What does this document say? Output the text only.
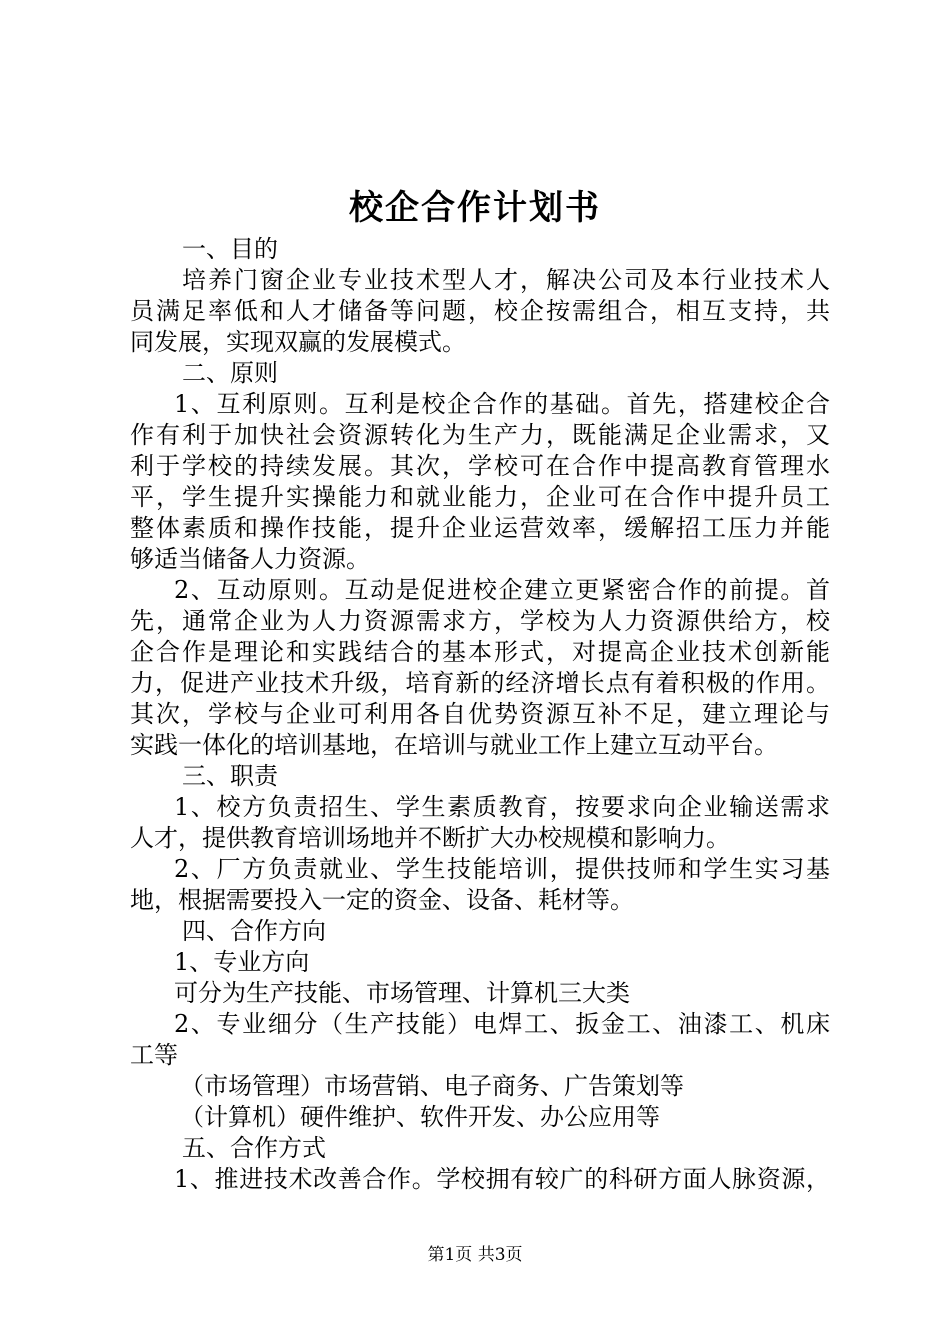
校企合作计划书
一、目的
培养门窗企业专业技术型人才，解决公司及本行业技术人
员满足率低和人才储备等问题，校企按需组合，相互支持，共
同发展，实现双赢的发展模式。
二、原则
1、互利原则。互利是校企合作的基础。首先，搭建校企合
作有利于加快社会资源转化为生产力，既能满足企业需求，又
利于学校的持续发展。其次，学校可在合作中提高教育管理水
平，学生提升实操能力和就业能力，企业可在合作中提升员工
整体素质和操作技能，提升企业运营效率，缓解招工压力并能
够适当储备人力资源。
2、互动原则。互动是促进校企建立更紧密合作的前提。首
先，通常企业为人力资源需求方，学校为人力资源供给方，校
企合作是理论和实践结合的基本形式，对提高企业技术创新能
力，促进产业技术升级，培育新的经济增长点有着积极的作用。
其次，学校与企业可利用各自优势资源互补不足，建立理论与
实践一体化的培训基地，在培训与就业工作上建立互动平台。
三、职责
1、校方负责招生、学生素质教育，按要求向企业输送需求
人才，提供教育培训场地并不断扩大办校规模和影响力。
2、厂方负责就业、学生技能培训，提供技师和学生实习基
地，根据需要投入一定的资金、设备、耗材等。
四、合作方向
1、专业方向
可分为生产技能、市场管理、计算机三大类
2、专业细分（生产技能）电焊工、扳金工、油漆工、机床
工等
（市场管理）市场营销、电子商务、广告策划等
（计算机）硬件维护、软件开发、办公应用等
五、合作方式
1、推进技术改善合作。学校拥有较广的科研方面人脉资源，
第1页 共3页
